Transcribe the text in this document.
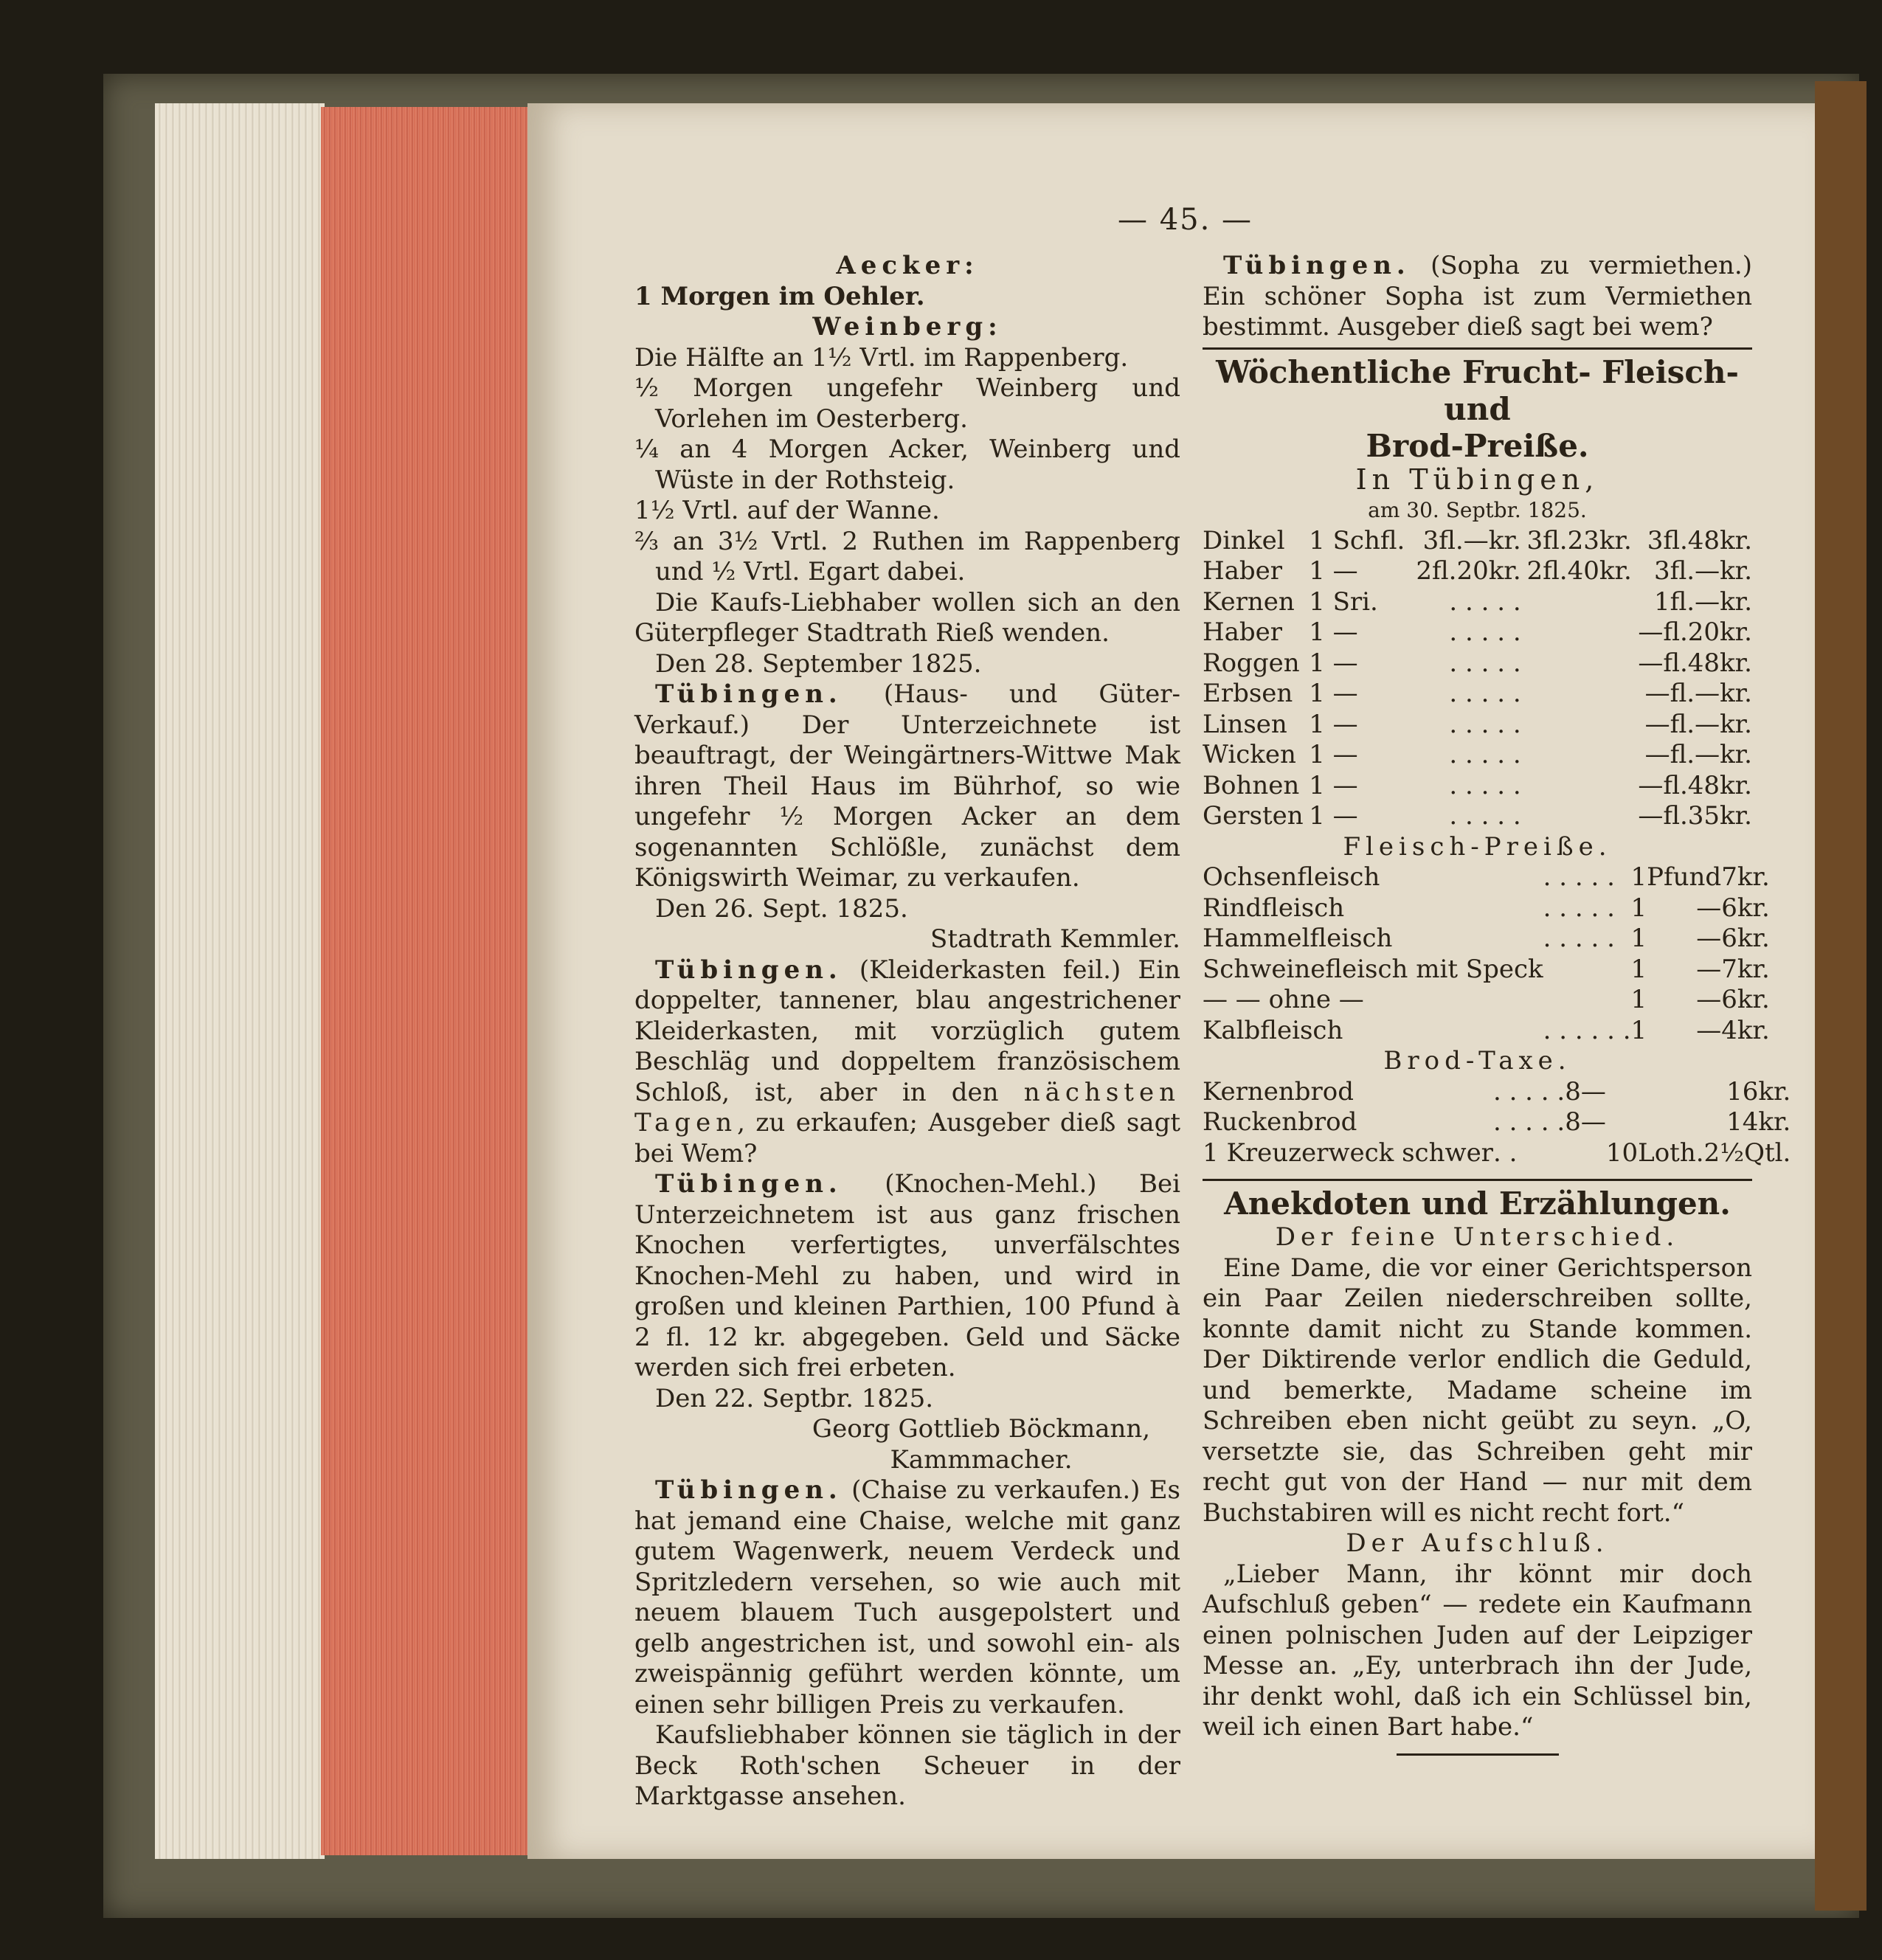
— 45. —
Aecker:
1 Morgen im Oehler.
Weinberg:
Die Hälfte an 1½ Vrtl. im Rappenberg.
½ Morgen ungefehr Weinberg und Vorlehen im Oesterberg.
¼ an 4 Morgen Acker, Weinberg und Wüste in der Rothsteig.
1½ Vrtl. auf der Wanne.
⅔ an 3½ Vrtl. 2 Ruthen im Rappenberg und ½ Vrtl. Egart dabei.
Die Kaufs-Liebhaber wollen sich an den Güterpfleger Stadtrath Rieß wenden.
Den 28. September 1825.
Tübingen. (Haus- und Güter-Verkauf.) Der Unterzeichnete ist beauftragt, der Weingärtners-Wittwe Mak ihren Theil Haus im Bührhof, so wie ungefehr ½ Morgen Acker an dem sogenannten Schlößle, zunächst dem Königswirth Weimar, zu verkaufen.
Den 26. Sept. 1825.
Stadtrath Kemmler.
Tübingen. (Kleiderkasten feil.) Ein doppelter, tannener, blau angestrichener Kleiderkasten, mit vorzüglich gutem Beschläg und doppeltem französischem Schloß, ist, aber in den nächsten Tagen, zu erkaufen; Ausgeber dieß sagt bei Wem?
Tübingen. (Knochen-Mehl.) Bei Unterzeichnetem ist aus ganz frischen Knochen verfertigtes, unverfälschtes Knochen-Mehl zu haben, und wird in großen und kleinen Parthien, 100 Pfund à 2 fl. 12 kr. abgegeben. Geld und Säcke werden sich frei erbeten.
Den 22. Septbr. 1825.
Georg Gottlieb Böckmann,
Kammmacher.
Tübingen. (Chaise zu verkaufen.) Es hat jemand eine Chaise, welche mit ganz gutem Wagenwerk, neuem Verdeck und Spritzledern versehen, so wie auch mit neuem blauem Tuch ausgepolstert und gelb angestrichen ist, und sowohl ein- als zweispännig geführt werden könnte, um einen sehr billigen Preis zu verkaufen.
Kaufsliebhaber können sie täglich in der Beck Roth'schen Scheuer in der Marktgasse ansehen.
Tübingen. (Sopha zu vermiethen.) Ein schöner Sopha ist zum Vermiethen bestimmt. Ausgeber dieß sagt bei wem?
Wöchentliche Frucht- Fleisch- und
Brod-Preiße.
In Tübingen,
am 30. Septbr. 1825.
Dinkel	1 Schfl.	3fl.—kr.	3fl.23kr.	3fl.48kr.
Haber	1 —	2fl.20kr.	2fl.40kr.	3fl.—kr.
Kernen	1 Sri.	. . . . .		1fl.—kr.
Haber	1 —	. . . . .		—fl.20kr.
Roggen	1 —	. . . . .		—fl.48kr.
Erbsen	1 —	. . . . .		—fl.—kr.
Linsen	1 —	. . . . .		—fl.—kr.
Wicken	1 —	. . . . .		—fl.—kr.
Bohnen	1 —	. . . . .		—fl.48kr.
Gersten	1 —	. . . . .		—fl.35kr.
Fleisch-Preiße.
Ochsenfleisch	. . . . .	1	Pfund	7kr.
Rindfleisch	. . . . .	1	—	6kr.
Hammelfleisch	. . . . .	1	—	6kr.
Schweinefleisch mit Speck		1	—	7kr.
— — ohne —		1	—	6kr.
Kalbfleisch	. . . . . .	1	—	4kr.
Brod-Taxe.
Kernenbrod	. . . . .	8	—	16kr.
Ruckenbrod	. . . . .	8	—	14kr.
1 Kreuzerweck schwer	. .			10Loth.2½Qtl.
Anekdoten und Erzählungen.
Der feine Unterschied.
Eine Dame, die vor einer Gerichtsperson ein Paar Zeilen niederschreiben sollte, konnte damit nicht zu Stande kommen. Der Diktirende verlor endlich die Geduld, und bemerkte, Madame scheine im Schreiben eben nicht geübt zu seyn. „O, versetzte sie, das Schreiben geht mir recht gut von der Hand — nur mit dem Buchstabiren will es nicht recht fort.“
Der Aufschluß.
„Lieber Mann, ihr könnt mir doch Aufschluß geben“ — redete ein Kaufmann einen polnischen Juden auf der Leipziger Messe an. „Ey, unterbrach ihn der Jude, ihr denkt wohl, daß ich ein Schlüssel bin, weil ich einen Bart habe.“
